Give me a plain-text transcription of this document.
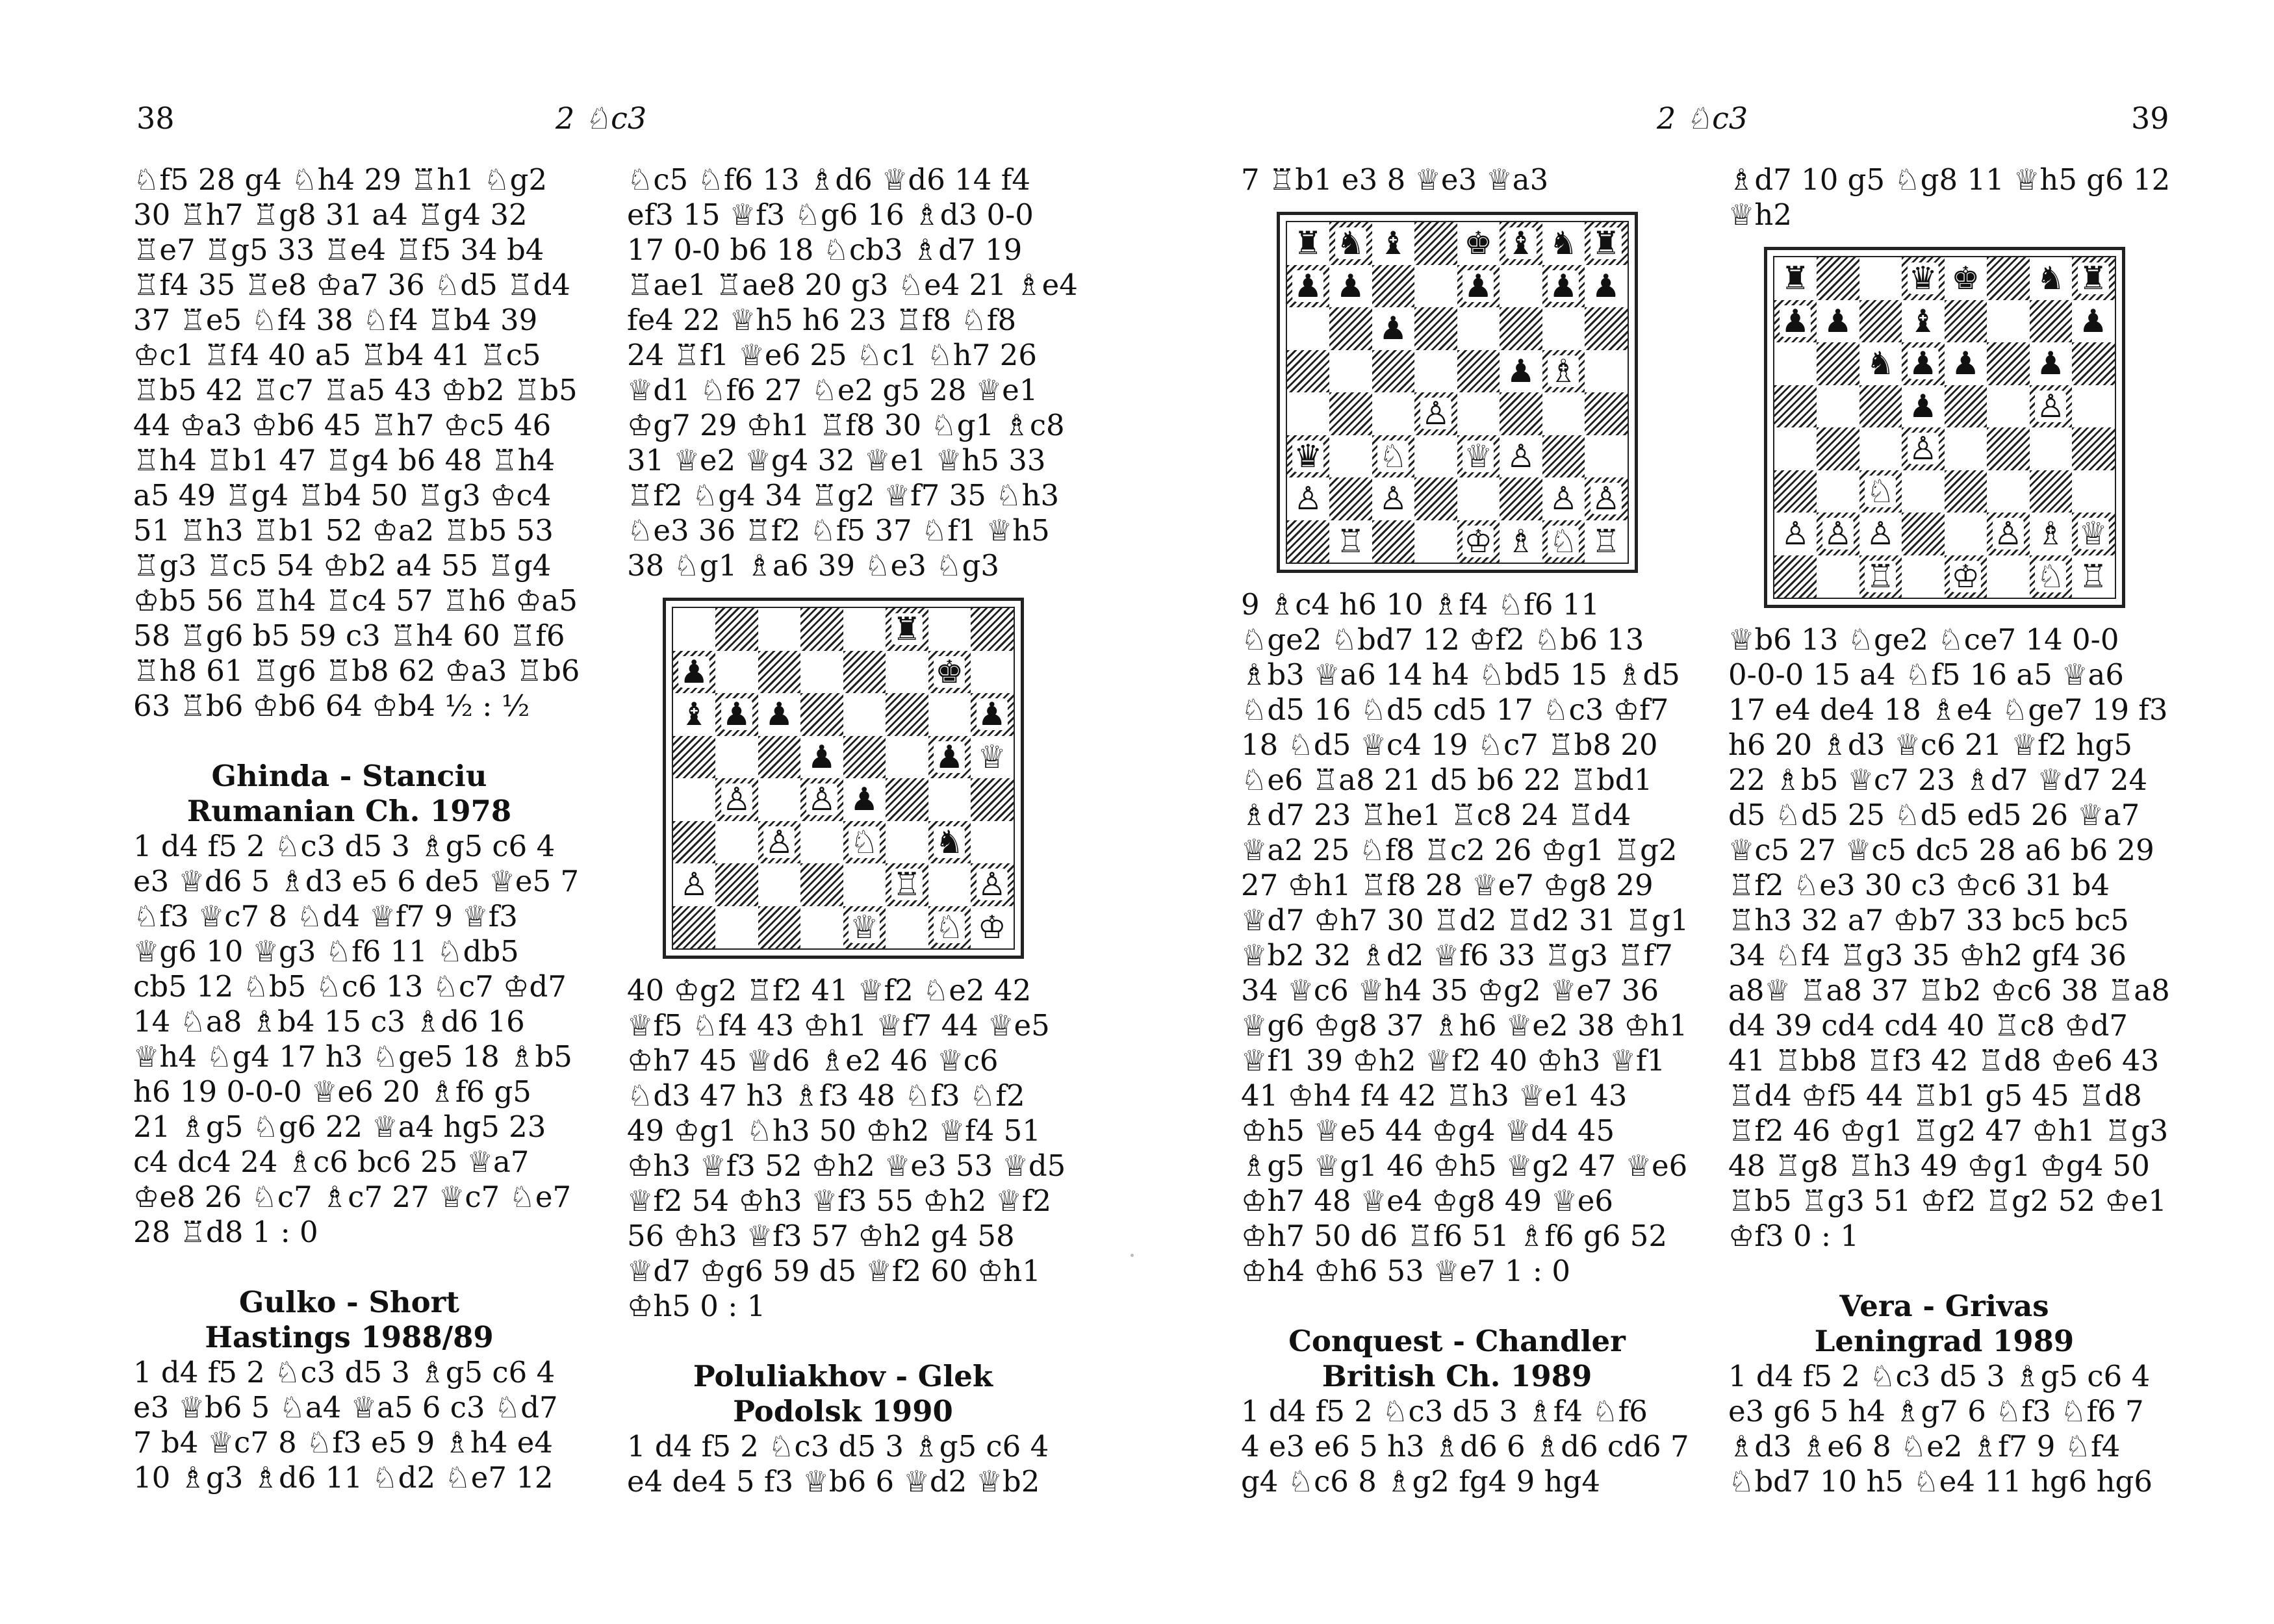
38	2 ♘c3

♘f5 28 g4 ♘h4 29 ♖h1 ♘g2

30 ♖h7 ♖g8 31 a4 ♖g4 32

♖e7 ♖g5 33 ♖e4 ♖f5 34 b4

♖f4 35 ♖e8 ♔a7 36 ♘d5 ♖d4

37 ♖e5 ♘f4 38 ♘f4 ♖b4 39

♔c1 ♖f4 40 a5 ♖b4 41 ♖c5

♖b5 42 ♖c7 ♖a5 43 ♔b2 ♖b5

44 ♔a3 ♔b6 45 ♖h7 ♔c5 46

♖h4 ♖b1 47 ♖g4 b6 48 ♖h4

a5 49 ♖g4 ♖b4 50 ♖g3 ♔c4

51 ♖h3 ♖b1 52 ♔a2 ♖b5 53

♖g3 ♖c5 54 ♔b2 a4 55 ♖g4

♔b5 56 ♖h4 ♖c4 57 ♖h6 ♔a5

58 ♖g6 b5 59 c3 ♖h4 60 ♖f6

♖h8 61 ♖g6 ♖b8 62 ♔a3 ♖b6

63 ♖b6 ♔b6 64 ♔b4 ½ : ½

Ghinda - Stanciu
Rumanian Ch. 1978

1 d4 f5 2 ♘c3 d5 3 ♗g5 c6 4

e3 ♕d6 5 ♗d3 e5 6 de5 ♕e5 7

♘f3 ♕c7 8 ♘d4 ♕f7 9 ♕f3

♕g6 10 ♕g3 ♘f6 11 ♘db5

cb5 12 ♘b5 ♘c6 13 ♘c7 ♔d7

14 ♘a8 ♗b4 15 c3 ♗d6 16

♕h4 ♘g4 17 h3 ♘ge5 18 ♗b5

h6 19 0-0-0 ♕e6 20 ♗f6 g5

21 ♗g5 ♘g6 22 ♕a4 hg5 23

c4 dc4 24 ♗c6 bc6 25 ♕a7

♔e8 26 ♘c7 ♗c7 27 ♕c7 ♘e7

28 ♖d8 1 : 0

Gulko - Short
Hastings 1988/89

1 d4 f5 2 ♘c3 d5 3 ♗g5 c6 4

e3 ♕b6 5 ♘a4 ♕a5 6 c3 ♘d7

7 b4 ♕c7 8 ♘f3 e5 9 ♗h4 e4

10 ♗g3 ♗d6 11 ♘d2 ♘e7 12

♘c5 ♘f6 13 ♗d6 ♕d6 14 f4

ef3 15 ♕f3 ♘g6 16 ♗d3 0-0

17 0-0 b6 18 ♘cb3 ♗d7 19

♖ae1 ♖ae8 20 g3 ♘e4 21 ♗e4

fe4 22 ♕h5 h6 23 ♖f8 ♘f8

24 ♖f1 ♕e6 25 ♘c1 ♘h7 26

♕d1 ♘f6 27 ♘e2 g5 28 ♕e1

♔g7 29 ♔h1 ♖f8 30 ♘g1 ♗c8

31 ♕e2 ♕g4 32 ♕e1 ♕h5 33

♖f2 ♘g4 34 ♖g2 ♕f7 35 ♘h3

♘e3 36 ♖f2 ♘f5 37 ♘f1 ♕h5

38 ♘g1 ♗a6 39 ♘e3 ♘g3

♜
♟	♚
♝ ♟ ♟	♟
♟	♟ ♕
♙ ♙ ♟
♙ ♘ ♞
♙	♖ ♙
♕ ♘ ♔

40 ♔g2 ♖f2 41 ♕f2 ♘e2 42

♕f5 ♘f4 43 ♔h1 ♕f7 44 ♕e5

♔h7 45 ♕d6 ♗e2 46 ♕c6

♘d3 47 h3 ♗f3 48 ♘f3 ♘f2

49 ♔g1 ♘h3 50 ♔h2 ♕f4 51

♔h3 ♕f3 52 ♔h2 ♕e3 53 ♕d5

♕f2 54 ♔h3 ♕f3 55 ♔h2 ♕f2

56 ♔h3 ♕f3 57 ♔h2 g4 58

♕d7 ♔g6 59 d5 ♕f2 60 ♔h1

♔h5 0 : 1

Poluliakhov - Glek
Podolsk 1990

1 d4 f5 2 ♘c3 d5 3 ♗g5 c6 4

e4 de4 5 f3 ♕b6 6 ♕d2 ♕b2

2 ♘c3	39

7 ♖b1 e3 8 ♕e3 ♕a3

♜ ♞ ♝ ♚ ♝ ♞ ♜
♟ ♟	♟ ♟ ♟
♟
♟ ♗
♙
♛ ♘ ♕ ♙
♙ ♙	♙ ♙
♖	♔ ♗ ♘ ♖

9 ♗c4 h6 10 ♗f4 ♘f6 11

♘ge2 ♘bd7 12 ♔f2 ♘b6 13

♗b3 ♕a6 14 h4 ♘bd5 15 ♗d5

♘d5 16 ♘d5 cd5 17 ♘c3 ♔f7

18 ♘d5 ♕c4 19 ♘c7 ♖b8 20

♘e6 ♖a8 21 d5 b6 22 ♖bd1

♗d7 23 ♖he1 ♖c8 24 ♖d4

♕a2 25 ♘f8 ♖c2 26 ♔g1 ♖g2

27 ♔h1 ♖f8 28 ♕e7 ♔g8 29

♕d7 ♔h7 30 ♖d2 ♖d2 31 ♖g1

♕b2 32 ♗d2 ♕f6 33 ♖g3 ♖f7

34 ♕c6 ♕h4 35 ♔g2 ♕e7 36

♕g6 ♔g8 37 ♗h6 ♕e2 38 ♔h1

♕f1 39 ♔h2 ♕f2 40 ♔h3 ♕f1

41 ♔h4 f4 42 ♖h3 ♕e1 43

♔h5 ♕e5 44 ♔g4 ♕d4 45

♗g5 ♕g1 46 ♔h5 ♕g2 47 ♕e6

♔h7 48 ♕e4 ♔g8 49 ♕e6

♔h7 50 d6 ♖f6 51 ♗f6 g6 52

♔h4 ♔h6 53 ♕e7 1 : 0

Conquest - Chandler
British Ch. 1989

1 d4 f5 2 ♘c3 d5 3 ♗f4 ♘f6

4 e3 e6 5 h3 ♗d6 6 ♗d6 cd6 7

g4 ♘c6 8 ♗g2 fg4 9 hg4

♗d7 10 g5 ♘g8 11 ♕h5 g6 12

♕h2

♜	♛ ♚ ♞ ♜
♟ ♟ ♝	♟
♞ ♟ ♟ ♟
♟	♙
♙
♘
♙ ♙ ♙	♙ ♗ ♕
♖ ♔ ♘ ♖

♕b6 13 ♘ge2 ♘ce7 14 0-0

0-0-0 15 a4 ♘f5 16 a5 ♕a6

17 e4 de4 18 ♗e4 ♘ge7 19 f3

h6 20 ♗d3 ♕c6 21 ♕f2 hg5

22 ♗b5 ♕c7 23 ♗d7 ♕d7 24

d5 ♘d5 25 ♘d5 ed5 26 ♕a7

♕c5 27 ♕c5 dc5 28 a6 b6 29

♖f2 ♘e3 30 c3 ♔c6 31 b4

♖h3 32 a7 ♔b7 33 bc5 bc5

34 ♘f4 ♖g3 35 ♔h2 gf4 36

a8♕ ♖a8 37 ♖b2 ♔c6 38 ♖a8

d4 39 cd4 cd4 40 ♖c8 ♔d7

41 ♖bb8 ♖f3 42 ♖d8 ♔e6 43

♖d4 ♔f5 44 ♖b1 g5 45 ♖d8

♖f2 46 ♔g1 ♖g2 47 ♔h1 ♖g3

48 ♖g8 ♖h3 49 ♔g1 ♔g4 50

♖b5 ♖g3 51 ♔f2 ♖g2 52 ♔e1

♔f3 0 : 1

Vera - Grivas
Leningrad 1989

1 d4 f5 2 ♘c3 d5 3 ♗g5 c6 4

e3 g6 5 h4 ♗g7 6 ♘f3 ♘f6 7

♗d3 ♗e6 8 ♘e2 ♗f7 9 ♘f4

♘bd7 10 h5 ♘e4 11 hg6 hg6
